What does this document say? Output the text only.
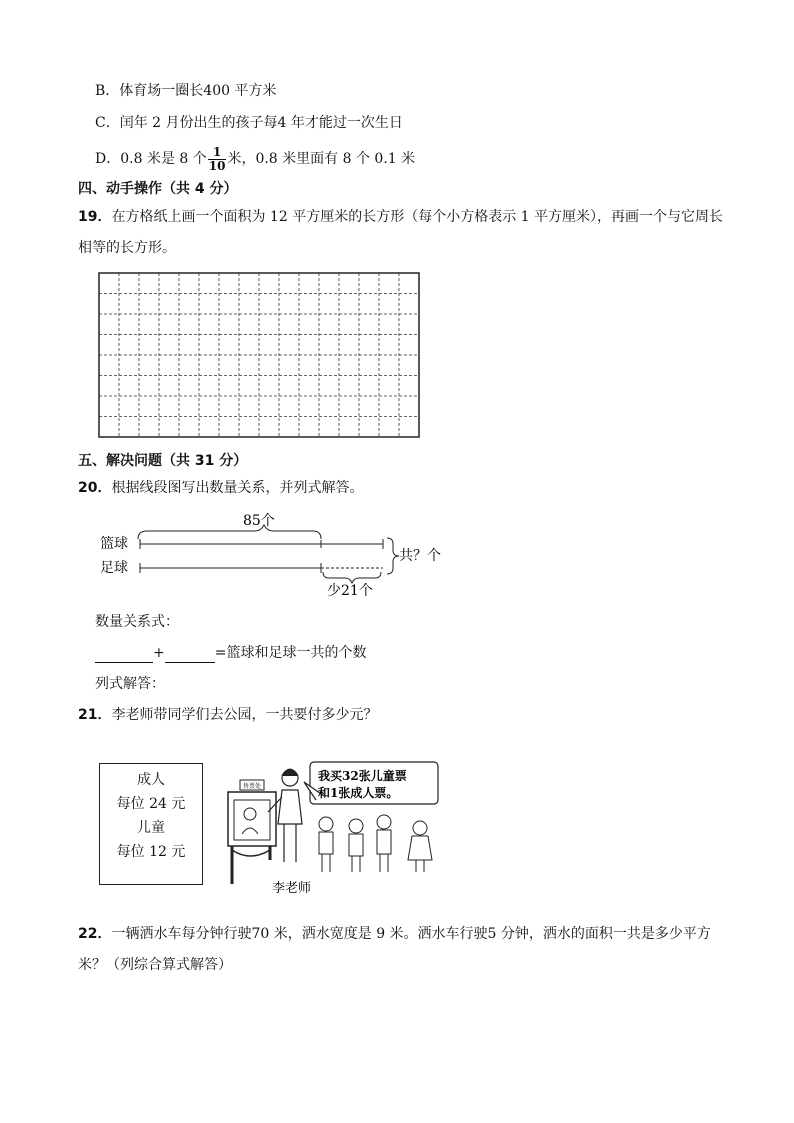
B．体育场一圈长400 平方米
C．闰年 2 月份出生的孩子每4 年才能过一次生日
D．0.8 米是 8 个 $\frac{1}{10}$ 米，0.8 米里面有 8 个 0.1 米
四、动手操作（共 4 分）
19．在方格纸上画一个面积为 12 平方厘米的长方形（每个小方格表示 1 平方厘米），再画一个与它周长
相等的长方形。
五、解决问题（共 31 分）
20．根据线段图写出数量关系，并列式解答。
85个
篮球
足球
少21个
共？个
数量关系式：
+	=篮球和足球一共的个数
列式解答：
21．李老师带同学们去公园，一共要付多少元？
成人
每位 24 元
儿童
每位 12 元
售票处
我买32张儿童票
和1张成人票。
李老师
22．一辆洒水车每分钟行驶70 米，洒水宽度是 9 米。洒水车行驶5 分钟，洒水的面积一共是多少平方
米？（列综合算式解答）
